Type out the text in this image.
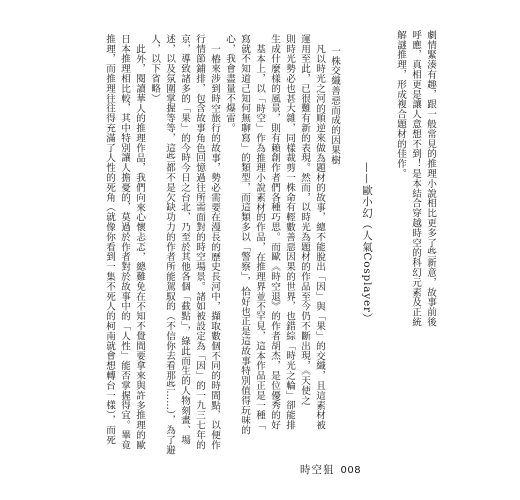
劇情緊湊有趣，跟一般常見的推理小說相比更多了些新意，故事前後
呼應，真相更是讓人意想不到！是本結合穿越時空的科幻元素及正統
解謎推理，形成複合題材的佳作。
——歐小幻（人氣Cosplayer）
一株交織善惡而成的因果樹
凡以時光之河的順逆來做為題材的故事，總不能脫出「因」與「果」的交織，且這素材被
運用至此，已很難有新的表現。然而，以時光為題材的作品至今仍不斷出現，《天使之
則時光勢必也甚大雜，同樣裁剪一株命有輕數善惡因果的世界，也錯綜「時光之輪」卻能排
生成什麼樣的風景，則有賴創作者們各種巧思。而歐《時空退》的作者胡杰，是位優秀的好
基本上，以「時空」作為推理小說素材的作品，在推理界並不罕見，這本作品正是一種「
寫就不知道己知何無聊寫」的類型，而這類多以「警察」，恰好也正是這故事特別值得玩味的
心，我會盡量不爆雷。
一樁來涉到時空旅行的故事，勢必需要在漫長的歷史長河中，擷取數個不同的時間點，以便作
行情節鋪排，包含故事角色回憶過往所需面對的時空場景。諸如被設定為「因」的一九三七年的
京，導致諸多的「果」的今時今日之台北，乃至於其他各個「截點」，綠此而生的人物刻畫、場
述，以及氛圍掌握等等，這些都不是欠缺功力的作者所能駕馭的（不信你去看那些……），為了避
人，以下省略）
此外，閱讀華人的推理作品，我們向來心懷忐忑，總難免在不知不覺間要拿來與許多推理的歐
日本推理相比較，其中特別讓人擔憂的，莫過於作者對於故事中的「人性」能否掌握得宜。畢竟
推理，而推理往往得充滿了人性的死角（就像你看到一集不死人的柯南就會想轉台一樣），而死
時空狙 008
